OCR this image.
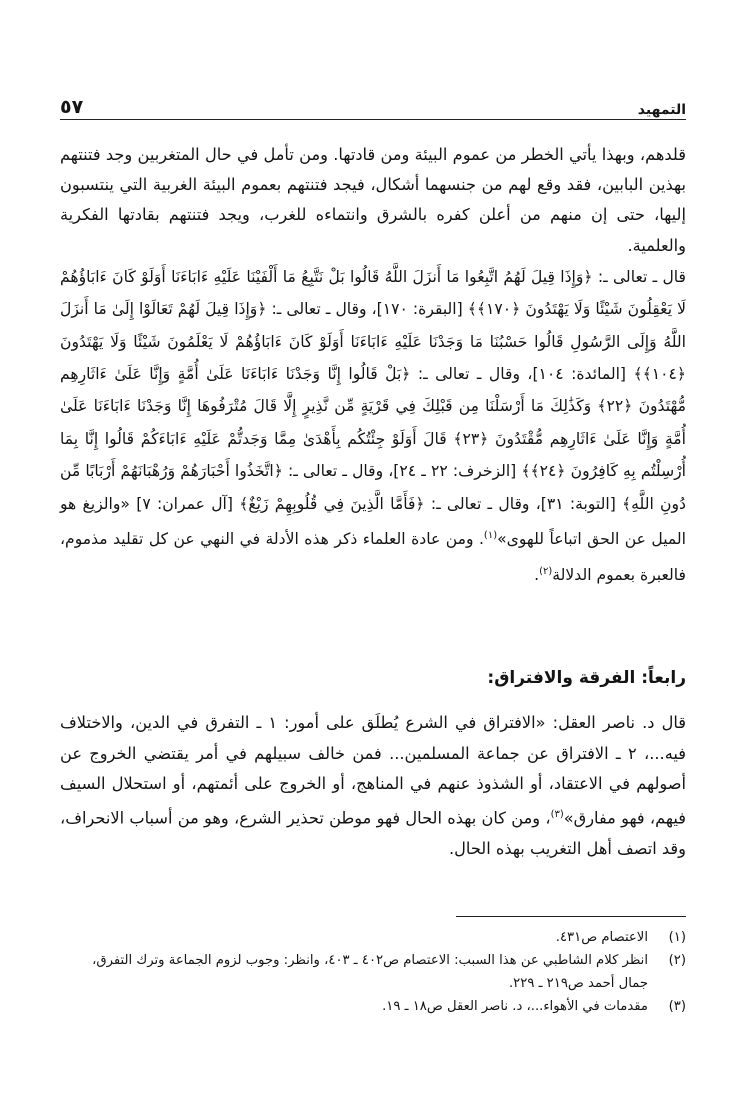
التمهيد
٥٧

قلدهم، وبهذا يأتي الخطر من عموم البيئة ومن قادتها. ومن تأمل في حال المتغربين وجد فتنتهم بهذين البابين، فقد وقع لهم من جنسهما أشكال، فيجد فتنتهم بعموم البيئة الغربية التي ينتسبون إليها، حتى إن منهم من أعلن كفره بالشرق وانتماءه للغرب، ويجد فتنتهم بقادتها الفكرية والعلمية.

قال ـ تعالى ـ: ﴿وَإِذَا قِيلَ لَهُمُ اتَّبِعُوا مَا أَنزَلَ اللَّهُ قَالُوا بَلْ نَتَّبِعُ مَا أَلْفَيْنَا عَلَيْهِ ءَابَاءَنَا أَوَلَوْ كَانَ ءَابَاؤُهُمْ لَا يَعْقِلُونَ شَيْئًا وَلَا يَهْتَدُونَ ﴿١٧٠﴾﴾ [البقرة: ١٧٠]، وقال ـ تعالى ـ: ﴿وَإِذَا قِيلَ لَهُمْ تَعَالَوْا إِلَىٰ مَا أَنزَلَ اللَّهُ وَإِلَى الرَّسُولِ قَالُوا حَسْبُنَا مَا وَجَدْنَا عَلَيْهِ ءَابَاءَنَا أَوَلَوْ كَانَ ءَابَاؤُهُمْ لَا يَعْلَمُونَ شَيْئًا وَلَا يَهْتَدُونَ ﴿١٠٤﴾﴾ [المائدة: ١٠٤]، وقال ـ تعالى ـ: ﴿بَلْ قَالُوا إِنَّا وَجَدْنَا ءَابَاءَنَا عَلَىٰ أُمَّةٍ وَإِنَّا عَلَىٰ ءَاثَارِهِم مُّهْتَدُونَ ﴿٢٢﴾ وَكَذَٰلِكَ مَا أَرْسَلْنَا مِن قَبْلِكَ فِي قَرْيَةٍ مِّن نَّذِيرٍ إِلَّا قَالَ مُتْرَفُوهَا إِنَّا وَجَدْنَا ءَابَاءَنَا عَلَىٰ أُمَّةٍ وَإِنَّا عَلَىٰ ءَاثَارِهِم مُّقْتَدُونَ ﴿٢٣﴾ قَالَ أَوَلَوْ جِئْتُكُم بِأَهْدَىٰ مِمَّا وَجَدتُّمْ عَلَيْهِ ءَابَاءَكُمْ قَالُوا إِنَّا بِمَا أُرْسِلْتُم بِهِ كَافِرُونَ ﴿٢٤﴾﴾ [الزخرف: ٢٢ ـ ٢٤]، وقال ـ تعالى ـ: ﴿اتَّخَذُوا أَحْبَارَهُمْ وَرُهْبَانَهُمْ أَرْبَابًا مِّن دُونِ اللَّهِ﴾ [التوبة: ٣١]، وقال ـ تعالى ـ: ﴿فَأَمَّا الَّذِينَ فِي قُلُوبِهِمْ زَيْغٌ﴾ [آل عمران: ٧] «والزيغ هو الميل عن الحق اتباعاً للهوى»$^{(١)}$. ومن عادة العلماء ذكر هذه الأدلة في النهي عن كل تقليد مذموم، فالعبرة بعموم الدلالة$^{(٢)}$.

رابعاً: الفرقة والافتراق:
قال د. ناصر العقل: «الافتراق في الشرع يُطلَق على أمور: ١ ـ التفرق في الدين، والاختلاف فيه...، ٢ ـ الافتراق عن جماعة المسلمين... فمن خالف سبيلهم في أمر يقتضي الخروج عن أصولهم في الاعتقاد، أو الشذوذ عنهم في المناهج، أو الخروج على أئمتهم، أو استحلال السيف فيهم، فهو مفارق»$^{(٣)}$، ومن كان بهذه الحال فهو موطن تحذير الشرع، وهو من أسباب الانحراف، وقد اتصف أهل التغريب بهذه الحال.
(١)
الاعتصام ص٤٣١.
(٢)
انظر كلام الشاطبي عن هذا السبب: الاعتصام ص٤٠٢ ـ ٤٠٣، وانظر: وجوب لزوم الجماعة وترك التفرق، جمال أحمد ص٢١٩ ـ ٢٢٩.
(٣)
مقدمات في الأهواء...، د. ناصر العقل ص١٨ ـ ١٩.
